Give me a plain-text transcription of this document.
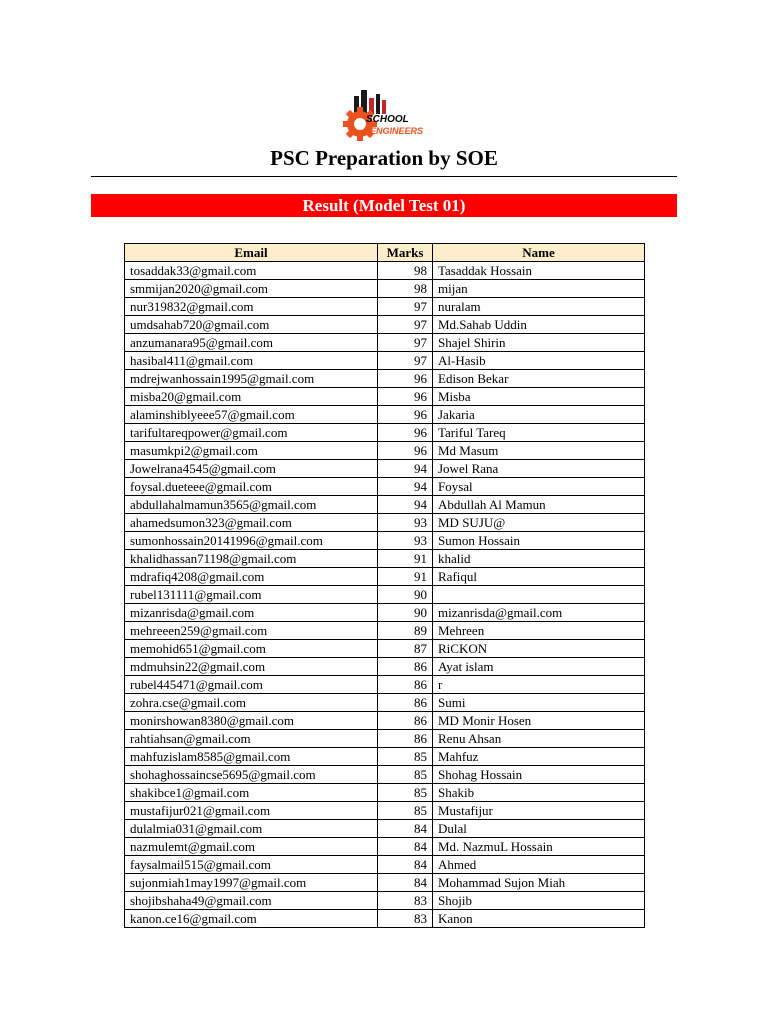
SCHOOL
ENGINEERS
PSC Preparation by SOE
Result (Model Test 01)
Email	Marks	Name
tosaddak33@gmail.com	98	Tasaddak Hossain
smmijan2020@gmail.com	98	mijan
nur319832@gmail.com	97	nuralam
umdsahab720@gmail.com	97	Md.Sahab Uddin
anzumanara95@gmail.com	97	Shajel Shirin
hasibal411@gmail.com	97	Al-Hasib
mdrejwanhossain1995@gmail.com	96	Edison Bekar
misba20@gmail.com	96	Misba
alaminshiblyeee57@gmail.com	96	Jakaria
tarifultareqpower@gmail.com	96	Tariful Tareq
masumkpi2@gmail.com	96	Md Masum
Jowelrana4545@gmail.com	94	Jowel Rana
foysal.dueteee@gmail.com	94	Foysal
abdullahalmamun3565@gmail.com	94	Abdullah Al Mamun
ahamedsumon323@gmail.com	93	MD SUJU@
sumonhossain20141996@gmail.com	93	Sumon Hossain
khalidhassan71198@gmail.com	91	khalid
mdrafiq4208@gmail.com	91	Rafiqul
rubel131111@gmail.com	90	
mizanrisda@gmail.com	90	mizanrisda@gmail.com
mehreeen259@gmail.com	89	Mehreen
memohid651@gmail.com	87	RiCKON
mdmuhsin22@gmail.com	86	Ayat islam
rubel445471@gmail.com	86	r
zohra.cse@gmail.com	86	Sumi
monirshowan8380@gmail.com	86	MD Monir Hosen
rahtiahsan@gmail.com	86	Renu Ahsan
mahfuzislam8585@gmail.com	85	Mahfuz
shohaghossaincse5695@gmail.com	85	Shohag Hossain
shakibce1@gmail.com	85	Shakib
mustafijur021@gmail.com	85	Mustafijur
dulalmia031@gmail.com	84	Dulal
nazmulemt@gmail.com	84	Md. NazmuL Hossain
faysalmail515@gmail.com	84	Ahmed
sujonmiah1may1997@gmail.com	84	Mohammad Sujon Miah
shojibshaha49@gmail.com	83	Shojib
kanon.ce16@gmail.com	83	Kanon
